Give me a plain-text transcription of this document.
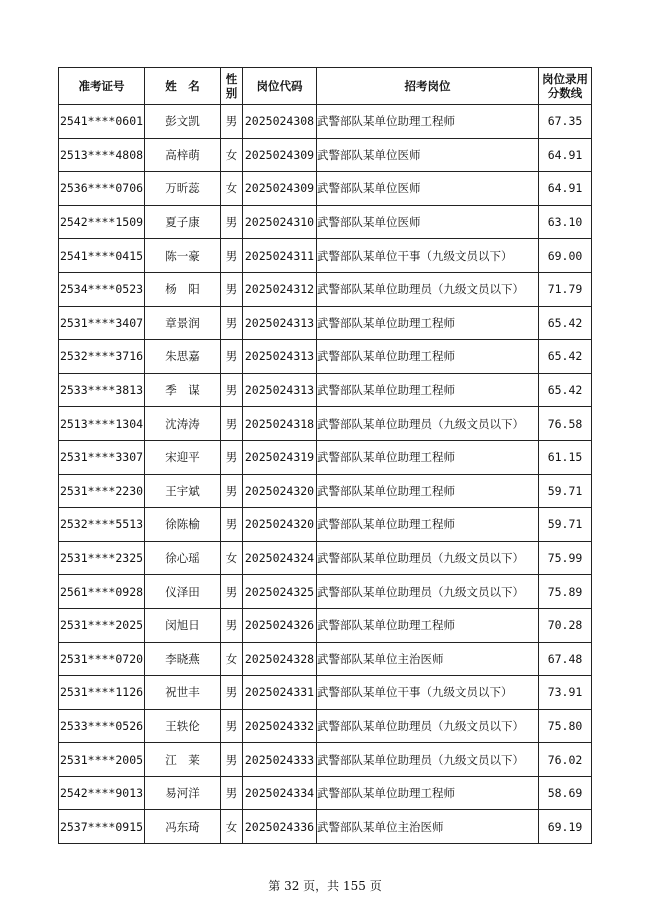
准考证号	姓　名	性别	岗位代码	招考岗位	岗位录用分数线
2541****0601	彭文凯	男	2025024308	武警部队某单位助理工程师	67.35
2513****4808	高梓萌	女	2025024309	武警部队某单位医师	64.91
2536****0706	万昕蕊	女	2025024309	武警部队某单位医师	64.91
2542****1509	夏子康	男	2025024310	武警部队某单位医师	63.10
2541****0415	陈一豪	男	2025024311	武警部队某单位干事（九级文员以下）	69.00
2534****0523	杨　阳	男	2025024312	武警部队某单位助理员（九级文员以下）	71.79
2531****3407	章景润	男	2025024313	武警部队某单位助理工程师	65.42
2532****3716	朱思嘉	男	2025024313	武警部队某单位助理工程师	65.42
2533****3813	季　谋	男	2025024313	武警部队某单位助理工程师	65.42
2513****1304	沈涛涛	男	2025024318	武警部队某单位助理员（九级文员以下）	76.58
2531****3307	宋迎平	男	2025024319	武警部队某单位助理工程师	61.15
2531****2230	王宇斌	男	2025024320	武警部队某单位助理工程师	59.71
2532****5513	徐陈榆	男	2025024320	武警部队某单位助理工程师	59.71
2531****2325	徐心瑶	女	2025024324	武警部队某单位助理员（九级文员以下）	75.99
2561****0928	仪泽田	男	2025024325	武警部队某单位助理员（九级文员以下）	75.89
2531****2025	闵旭日	男	2025024326	武警部队某单位助理工程师	70.28
2531****0720	李晓燕	女	2025024328	武警部队某单位主治医师	67.48
2531****1126	祝世丰	男	2025024331	武警部队某单位干事（九级文员以下）	73.91
2533****0526	王轶伦	男	2025024332	武警部队某单位助理员（九级文员以下）	75.80
2531****2005	江　莱	男	2025024333	武警部队某单位助理员（九级文员以下）	76.02
2542****9013	易河洋	男	2025024334	武警部队某单位助理工程师	58.69
2537****0915	冯东琦	女	2025024336	武警部队某单位主治医师	69.19
第 32 页，共 155 页
